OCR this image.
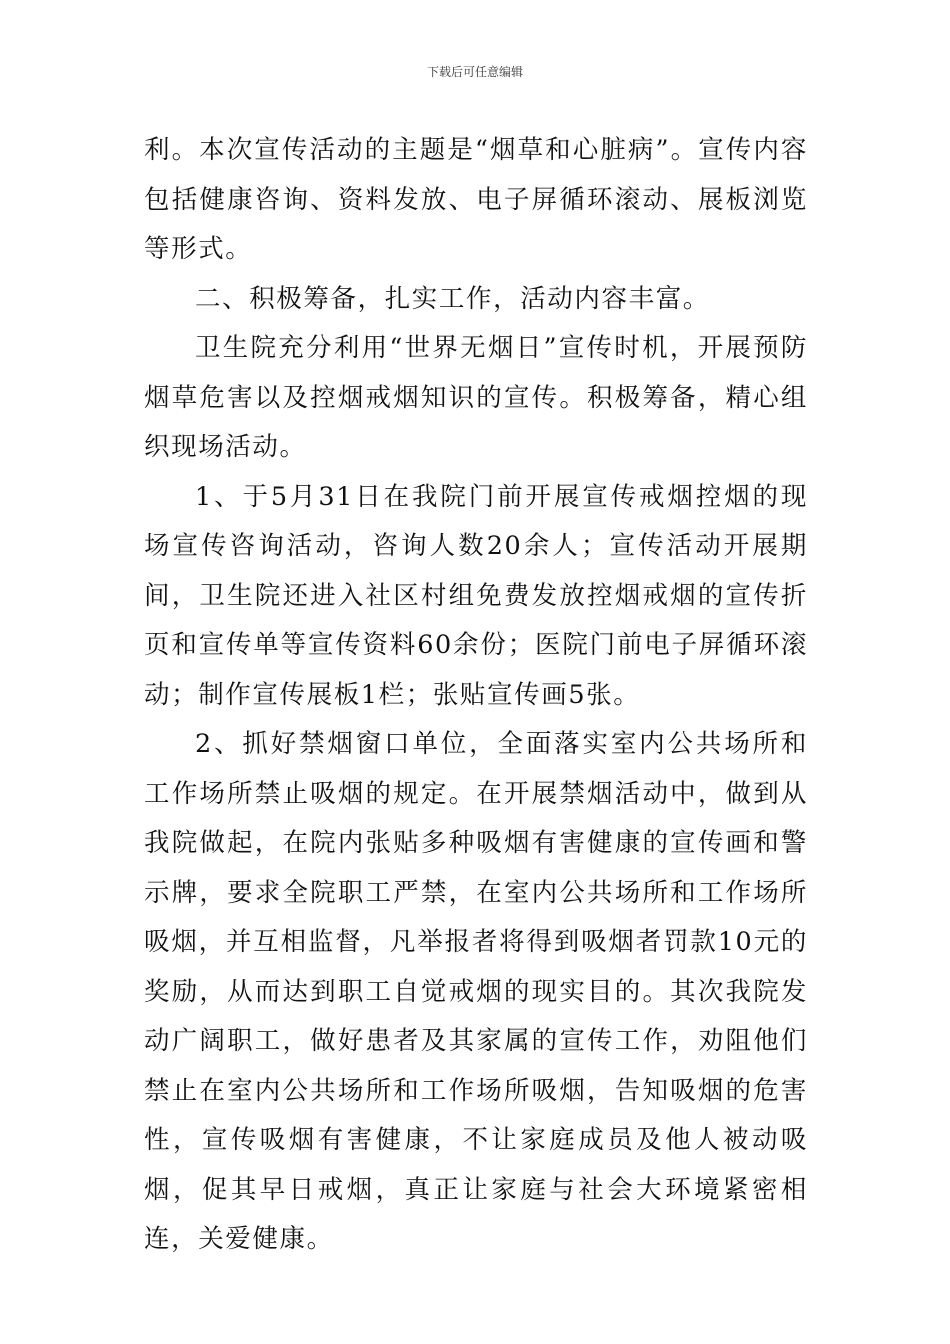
下载后可任意编辑

利。本次宣传活动的主题是“烟草和心脏病”。宣传内容包括健康咨询、资料发放、电子屏循环滚动、展板浏览等形式。

二、积极筹备，扎实工作，活动内容丰富。

卫生院充分利用“世界无烟日”宣传时机，开展预防烟草危害以及控烟戒烟知识的宣传。积极筹备，精心组织现场活动。

1、于5月31日在我院门前开展宣传戒烟控烟的现场宣传咨询活动，咨询人数20余人；宣传活动开展期间，卫生院还进入社区村组免费发放控烟戒烟的宣传折页和宣传单等宣传资料60余份；医院门前电子屏循环滚动；制作宣传展板1栏；张贴宣传画5张。

2、抓好禁烟窗口单位，全面落实室内公共场所和工作场所禁止吸烟的规定。在开展禁烟活动中，做到从我院做起，在院内张贴多种吸烟有害健康的宣传画和警示牌，要求全院职工严禁，在室内公共场所和工作场所吸烟，并互相监督，凡举报者将得到吸烟者罚款10元的奖励，从而达到职工自觉戒烟的现实目的。其次我院发动广阔职工，做好患者及其家属的宣传工作，劝阻他们禁止在室内公共场所和工作场所吸烟，告知吸烟的危害性，宣传吸烟有害健康，不让家庭成员及他人被动吸烟，促其早日戒烟，真正让家庭与社会大环境紧密相连，关爱健康。
